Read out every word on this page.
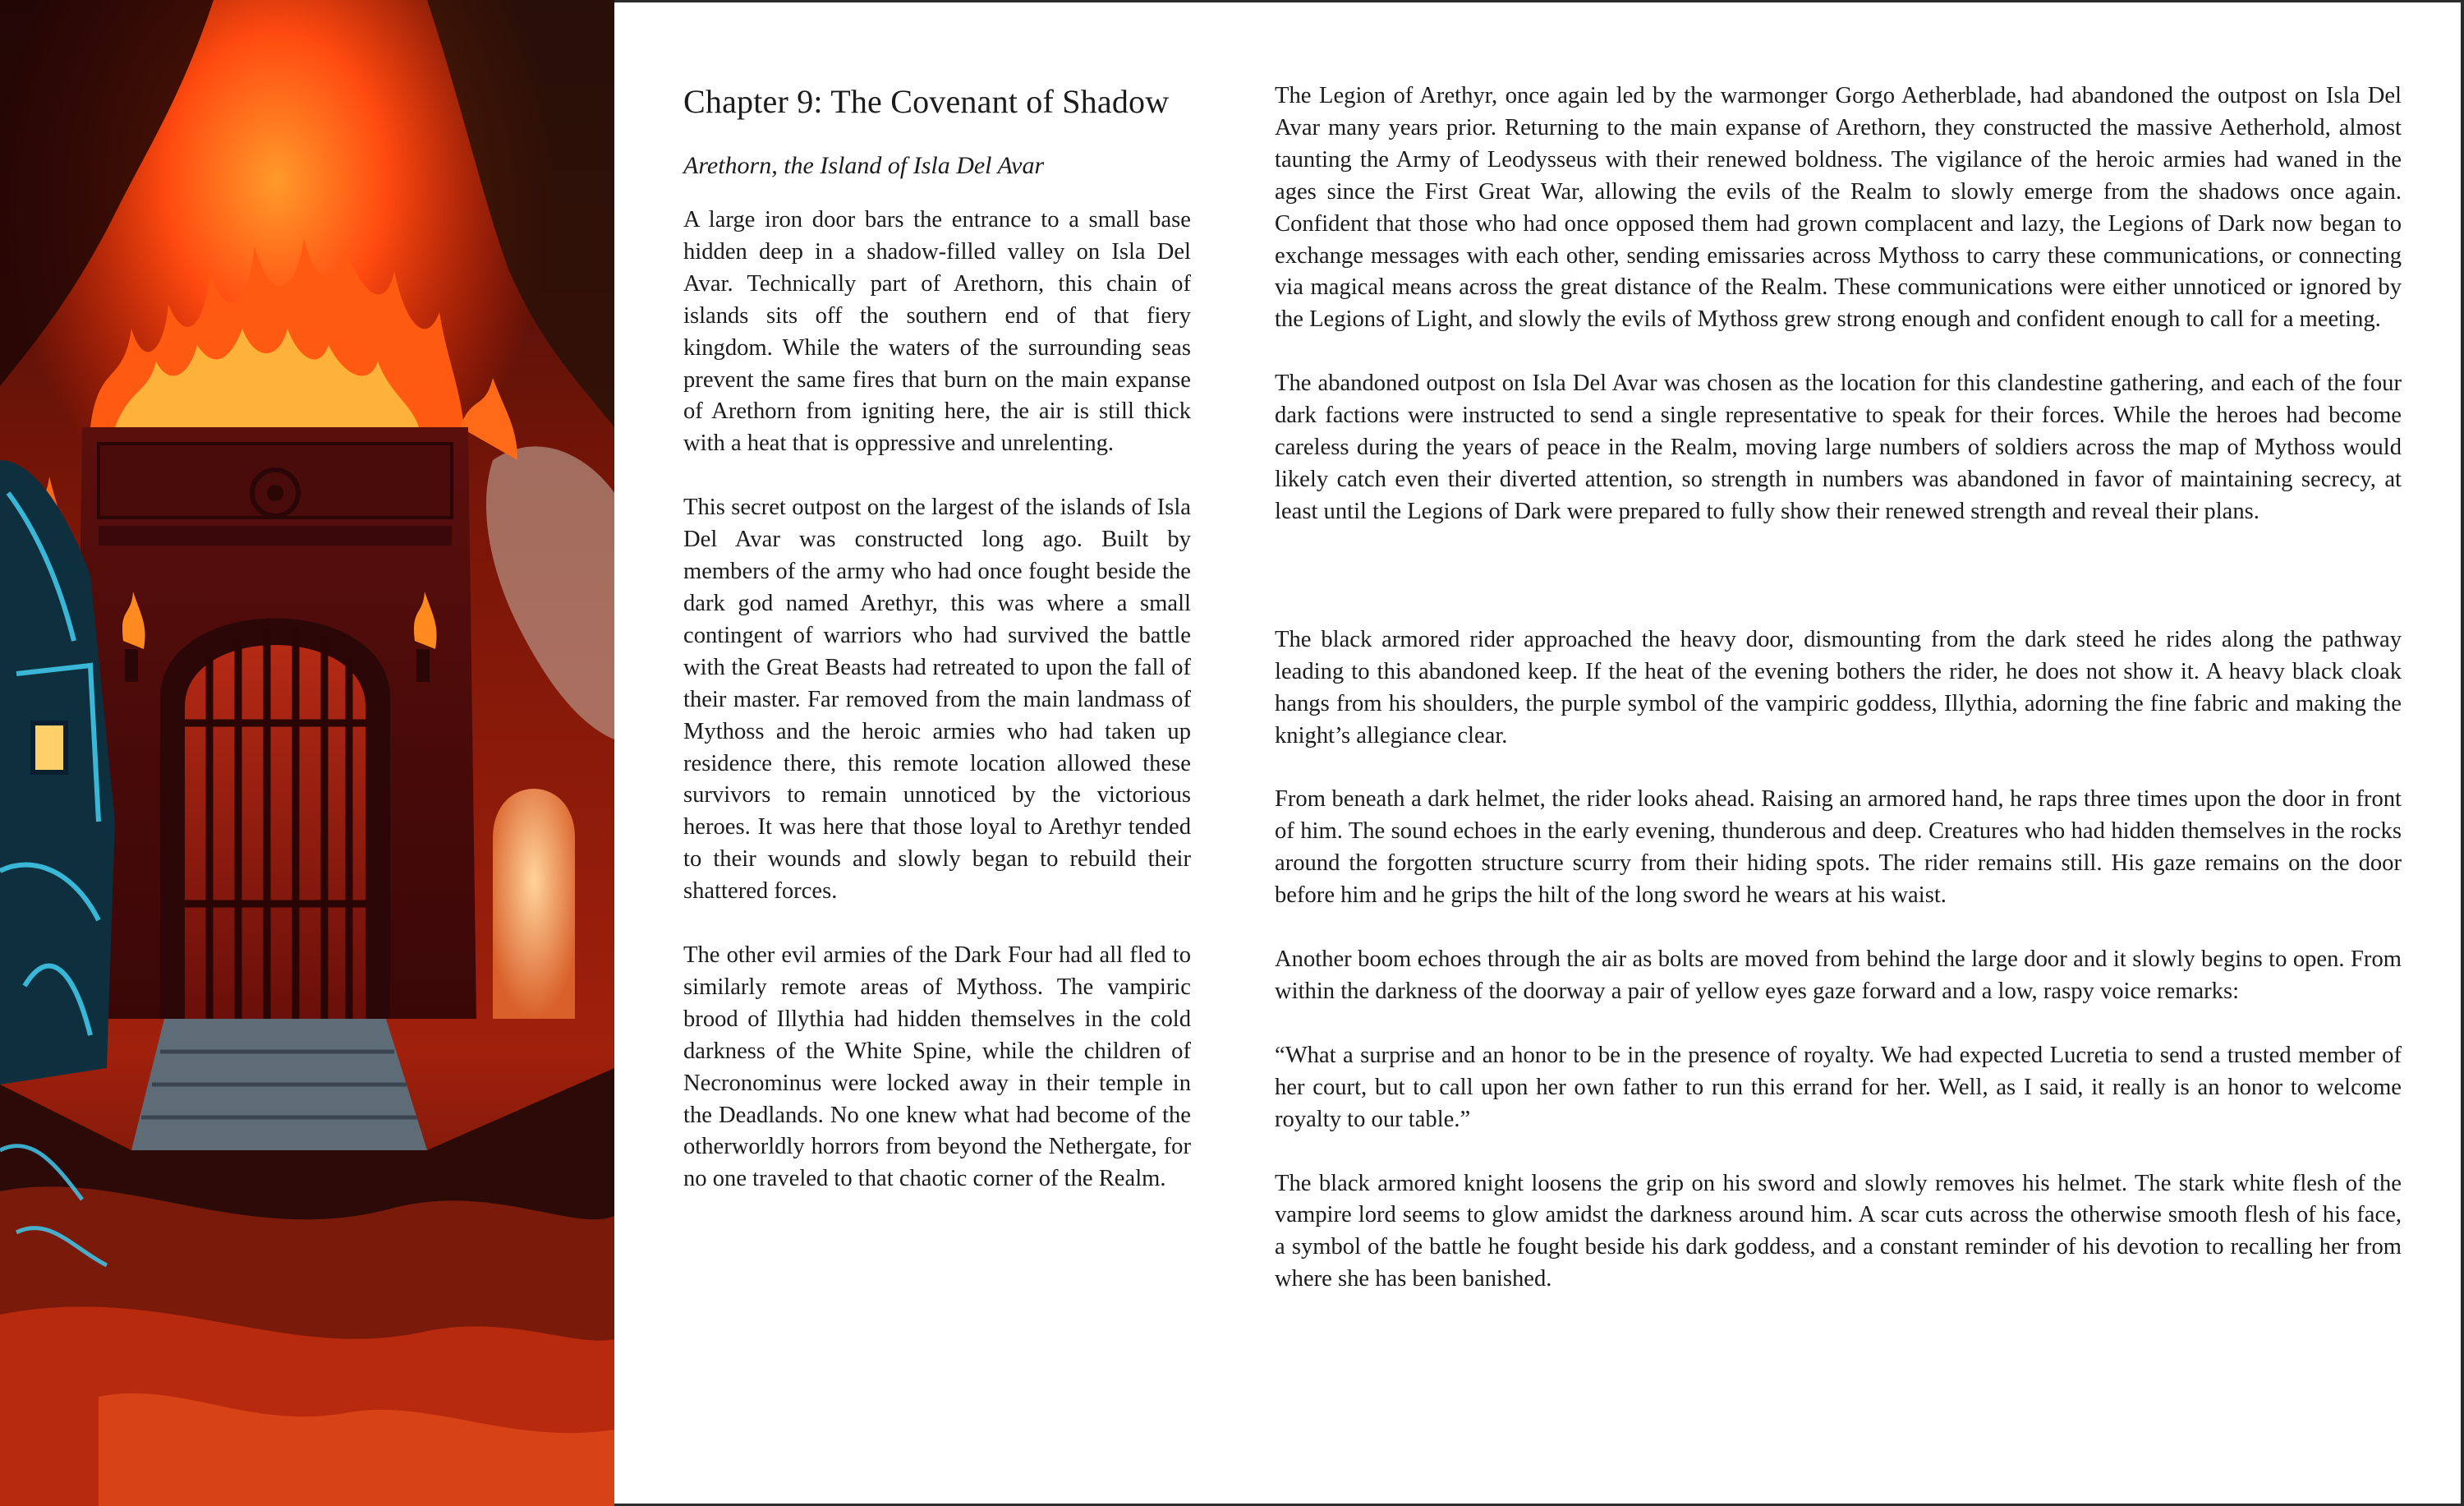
Chapter 9: The Covenant of Shadow
Arethorn, the Island of Isla Del Avar

A large iron door bars the entrance to a small base hidden deep in a shadow-filled valley on Isla Del Avar. Technically part of Arethorn, this chain of islands sits off the southern end of that fiery kingdom. While the waters of the surrounding seas prevent the same fires that burn on the main expanse of Arethorn from igniting here, the air is still thick with a heat that is oppressive and unrelenting.

This secret outpost on the largest of the islands of Isla Del Avar was constructed long ago. Built by members of the army who had once fought beside the dark god named Arethyr, this was where a small contingent of warriors who had survived the battle with the Great Beasts had retreated to upon the fall of their master. Far removed from the main landmass of Mythoss and the heroic armies who had taken up residence there, this remote location allowed these survivors to remain unnoticed by the victorious heroes. It was here that those loyal to Arethyr tended to their wounds and slowly began to rebuild their shattered forces.

The other evil armies of the Dark Four had all fled to similarly remote areas of Mythoss. The vampiric brood of Illythia had hidden themselves in the cold darkness of the White Spine, while the children of Necronominus were locked away in their temple in the Deadlands. No one knew what had become of the otherworldly horrors from beyond the Nethergate, for no one traveled to that chaotic corner of the Realm.

The Legion of Arethyr, once again led by the warmonger Gorgo Aetherblade, had abandoned the outpost on Isla Del Avar many years prior. Returning to the main expanse of Arethorn, they constructed the massive Aetherhold, almost taunting the Army of Leodysseus with their renewed boldness. The vigilance of the heroic armies had waned in the ages since the First Great War, allowing the evils of the Realm to slowly emerge from the shadows once again. Confident that those who had once opposed them had grown complacent and lazy, the Legions of Dark now began to exchange messages with each other, sending emissaries across Mythoss to carry these communications, or connecting via magical means across the great distance of the Realm. These communications were either unnoticed or ignored by the Legions of Light, and slowly the evils of Mythoss grew strong enough and confident enough to call for a meeting.

The abandoned outpost on Isla Del Avar was chosen as the location for this clandestine gathering, and each of the four dark factions were instructed to send a single representative to speak for their forces. While the heroes had become careless during the years of peace in the Realm, moving large numbers of soldiers across the map of Mythoss would likely catch even their diverted attention, so strength in numbers was abandoned in favor of maintaining secrecy, at least until the Legions of Dark were prepared to fully show their renewed strength and reveal their plans.

The black armored rider approached the heavy door, dismounting from the dark steed he rides along the pathway leading to this abandoned keep. If the heat of the evening bothers the rider, he does not show it. A heavy black cloak hangs from his shoulders, the purple symbol of the vampiric goddess, Illythia, adorning the fine fabric and making the knight’s allegiance clear.

From beneath a dark helmet, the rider looks ahead. Raising an armored hand, he raps three times upon the door in front of him. The sound echoes in the early evening, thunderous and deep. Creatures who had hidden themselves in the rocks around the forgotten structure scurry from their hiding spots. The rider remains still. His gaze remains on the door before him and he grips the hilt of the long sword he wears at his waist.

Another boom echoes through the air as bolts are moved from behind the large door and it slowly begins to open. From within the darkness of the doorway a pair of yellow eyes gaze forward and a low, raspy voice remarks:

“What a surprise and an honor to be in the presence of royalty. We had expected Lucretia to send a trusted member of her court, but to call upon her own father to run this errand for her. Well, as I said, it really is an honor to welcome royalty to our table.”

The black armored knight loosens the grip on his sword and slowly removes his helmet. The stark white flesh of the vampire lord seems to glow amidst the darkness around him. A scar cuts across the otherwise smooth flesh of his face, a symbol of the battle he fought beside his dark goddess, and a constant reminder of his devotion to recalling her from where she has been banished.
